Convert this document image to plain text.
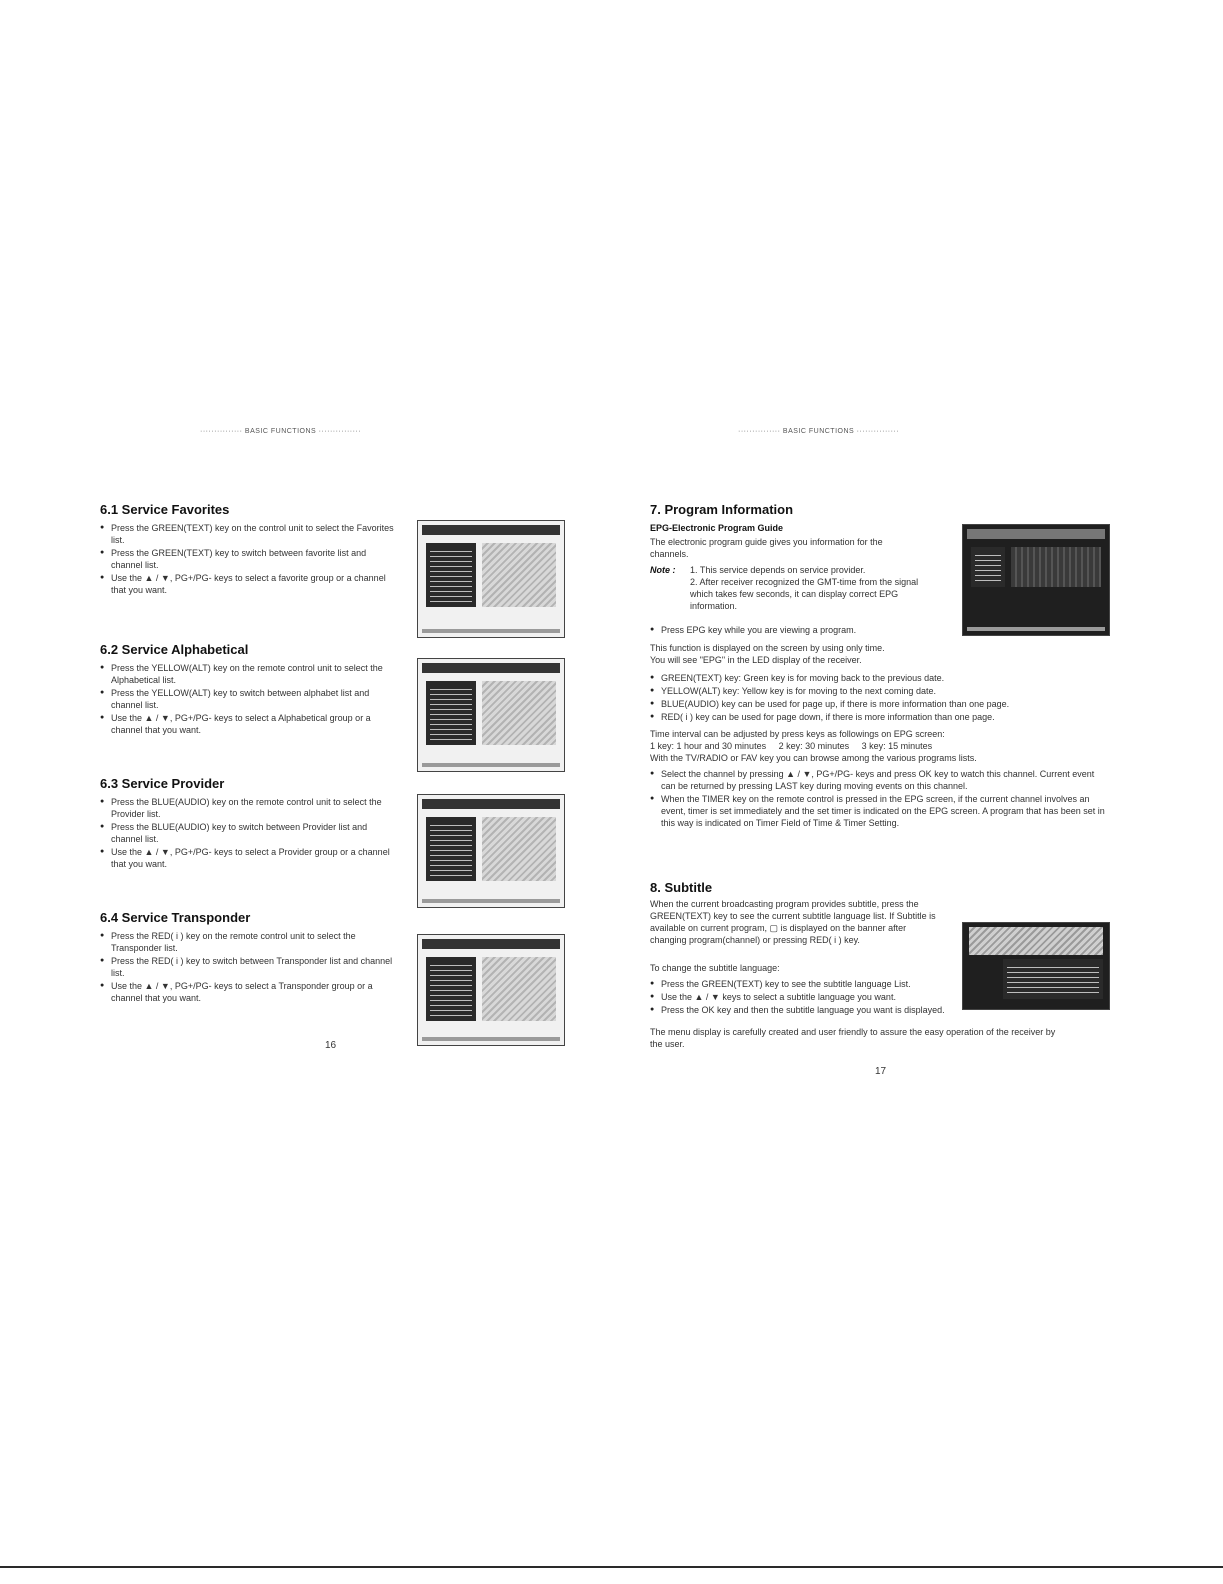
··············· BASIC FUNCTIONS ···············
6.1 Service Favorites
● Press the GREEN(TEXT) key on the control unit to select the Favorites list.
● Press the GREEN(TEXT) key to switch between favorite list and channel list.
● Use the ▲ / ▼, PG+/PG- keys to select a favorite group or a channel that you want.
6.2 Service Alphabetical
● Press the YELLOW(ALT) key on the remote control unit to select the Alphabetical list.
● Press the YELLOW(ALT) key to switch between alphabet list and channel list.
● Use the ▲ / ▼, PG+/PG- keys to select a Alphabetical group or a channel that you want.
6.3 Service Provider
● Press the BLUE(AUDIO) key on the remote control unit to select the Provider list.
● Press the BLUE(AUDIO) key to switch between Provider list and channel list.
● Use the ▲ / ▼, PG+/PG- keys to select a Provider group or a channel that you want.
6.4 Service Transponder
● Press the RED( i ) key on the remote control unit to select the Transponder list.
● Press the RED( i ) key to switch between Transponder list and channel list.
● Use the ▲ / ▼, PG+/PG- keys to select a Transponder group or a channel that you want.
16
··············· BASIC FUNCTIONS ···············
7. Program Information
EPG-Electronic Program Guide
The electronic program guide gives you information for the channels.
Note : 1. This service depends on service provider.
2. After receiver recognized the GMT-time from the signal which takes few seconds, it can display correct EPG information.
● Press EPG key while you are viewing a program.
This function is displayed on the screen by using only time.
You will see "EPG" in the LED display of the receiver.
● GREEN(TEXT) key: Green key is for moving back to the previous date.
● YELLOW(ALT) key: Yellow key is for moving to the next coming date.
● BLUE(AUDIO) key can be used for page up, if there is more information than one page.
● RED( i ) key can be used for page down, if there is more information than one page.
Time interval can be adjusted by press keys as followings on EPG screen:
1 key: 1 hour and 30 minutes     2 key: 30 minutes     3 key: 15 minutes
With the TV/RADIO or FAV key you can browse among the various programs lists.
● Select the channel by pressing ▲ / ▼, PG+/PG- keys and press OK key to watch this channel. Current event can be returned by pressing LAST key during moving events on this channel.
● When the TIMER key on the remote control is pressed in the EPG screen, if the current channel involves an event, timer is set immediately and the set timer is indicated on the EPG screen. A program that has been set in this way is indicated on Timer Field of Time & Timer Setting.
8. Subtitle
When the current broadcasting program provides subtitle, press the GREEN(TEXT) key to see the current subtitle language list. If Subtitle is available on current program, ▢ is displayed on the banner after changing program(channel) or pressing RED( i ) key.
To change the subtitle language:
● Press the GREEN(TEXT) key to see the subtitle language List.
● Use the ▲ / ▼ keys to select a subtitle language you want.
● Press the OK key and then the subtitle language you want is displayed.
The menu display is carefully created and user friendly to assure the easy operation of the receiver by the user.
17
